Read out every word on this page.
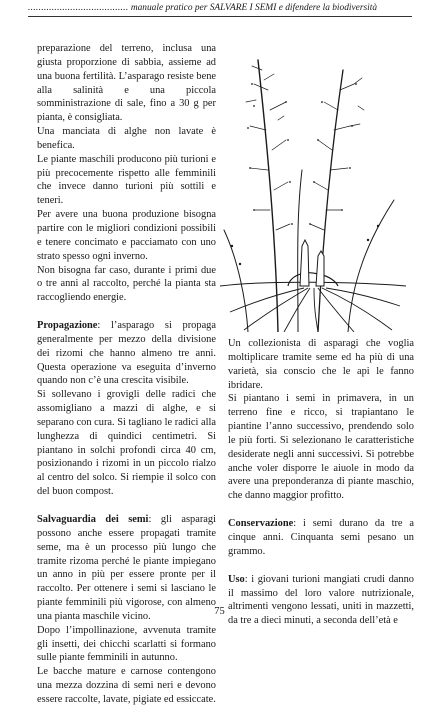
...................................... manuale pratico per SALVARE I SEMI e difendere la biodiversità

preparazione del terreno, inclusa una giusta proporzione di sabbia, assieme ad una buona fertilità. L’asparago resiste bene alla salinità e una piccola somministrazione di sale, fino a 30 g per pianta, è consigliata.

Una manciata di alghe non lavate è benefica.

Le piante maschili producono più turioni e più precocemente rispetto alle femminili che invece danno turioni più sottili e teneri.

Per avere una buona produzione bisogna partire con le migliori condizioni possibili e tenere concimato e pacciamato con uno strato spesso ogni inverno.

Non bisogna far caso, durante i primi due o tre anni al raccolto, perché la pianta sta raccogliendo energie.

Propagazione: l’asparago si propaga generalmente per mezzo della divisione dei rizomi che hanno almeno tre anni. Questa operazione va eseguita d’inverno quando non c’è una crescita visibile.

Si sollevano i grovigli delle radici che assomigliano a mazzi di alghe, e si separano con cura. Si tagliano le radici alla lunghezza di quindici centimetri. Si piantano in solchi profondi circa 40 cm, posizionando i rizomi in un piccolo rialzo al centro del solco. Si riempie il solco con del buon compost.

Salvaguardia dei semi: gli asparagi possono anche essere propagati tramite seme, ma è un processo più lungo che tramite rizoma perché le piante impiegano un anno in più per essere pronte per il raccolto. Per ottenere i semi si lasciano le piante femminili più vigorose, con almeno una pianta maschile vicino.

Dopo l’impollinazione, avvenuta tramite gli insetti, dei chicchi scarlatti si formano sulle piante femminili in autunno.

Le bacche mature e carnose contengono una mezza dozzina di semi neri e devono essere raccolte, lavate, pigiate ed essiccate.

Un collezionista di asparagi che voglia moltiplicare tramite seme ed ha più di una varietà, sia conscio che le api le fanno ibridare.

Si piantano i semi in primavera, in un terreno fine e ricco, si trapiantano le piantine l’anno successivo, prendendo solo le più forti. Si selezionano le caratteristiche desiderate negli anni successivi. Si potrebbe anche voler disporre le aiuole in modo da avere una preponderanza di piante maschio, che danno maggior profitto.

Conservazione: i semi durano da tre a cinque anni. Cinquanta semi pesano un grammo.

Uso: i giovani turioni mangiati crudi danno il massimo del loro valore nutrizionale, altrimenti vengono lessati, uniti in mazzetti, da tre a dieci minuti, a seconda dell’età e

75
